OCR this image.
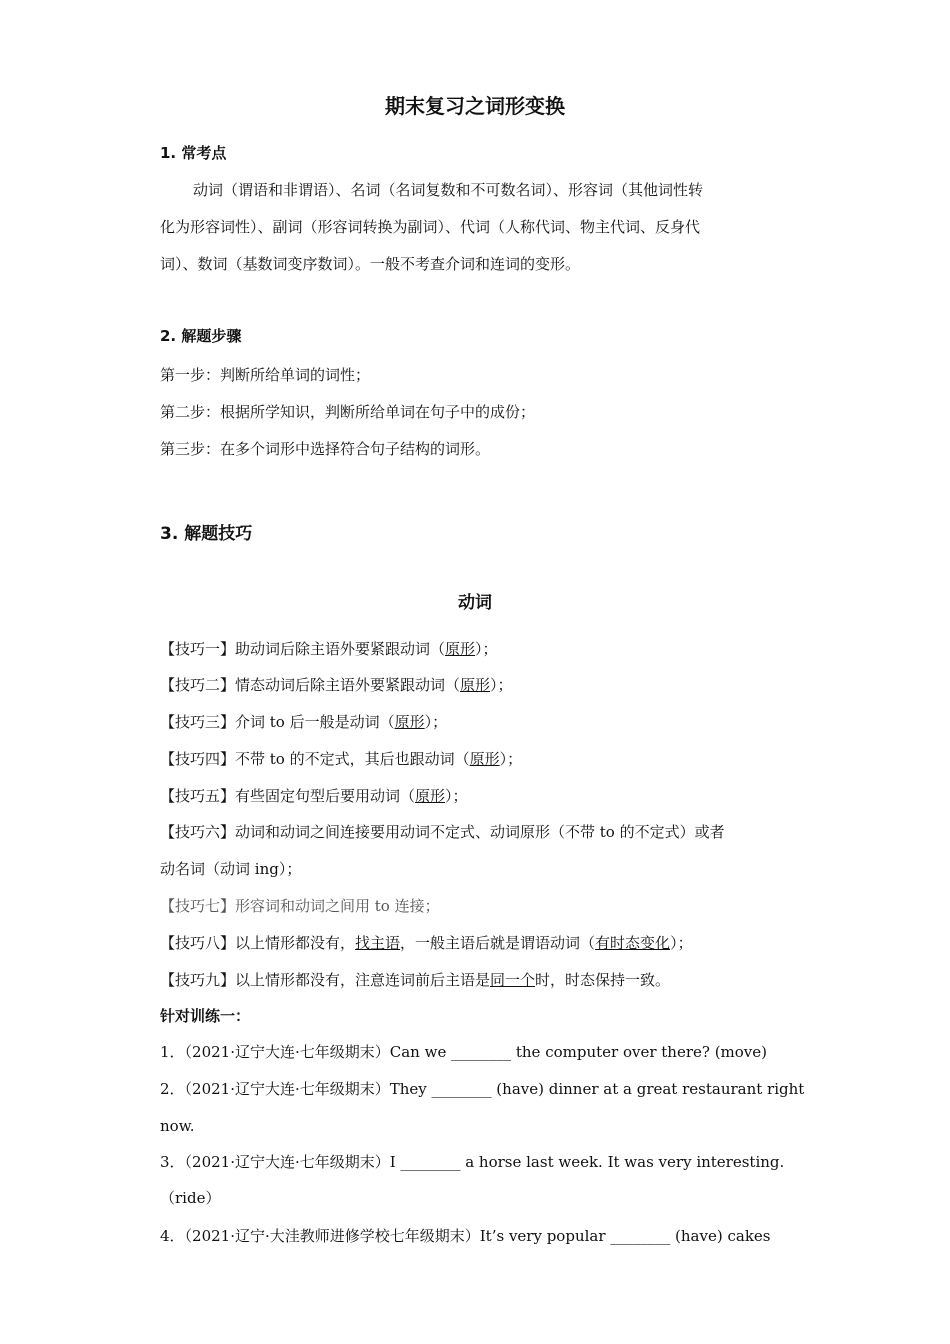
期末复习之词形变换
1. 常考点
动词（谓语和非谓语）、名词（名词复数和不可数名词）、形容词（其他词性转
化为形容词性）、副词（形容词转换为副词）、代词（人称代词、物主代词、反身代
词）、数词（基数词变序数词）。一般不考查介词和连词的变形。
2. 解题步骤
第一步：判断所给单词的词性；
第二步：根据所学知识，判断所给单词在句子中的成份；
第三步：在多个词形中选择符合句子结构的词形。
3. 解题技巧
动词
【技巧一】助动词后除主语外要紧跟动词（原形）；
【技巧二】情态动词后除主语外要紧跟动词（原形）；
【技巧三】介词 to 后一般是动词（原形）；
【技巧四】不带 to 的不定式，其后也跟动词（原形）；
【技巧五】有些固定句型后要用动词（原形）；
【技巧六】动词和动词之间连接要用动词不定式、动词原形（不带 to 的不定式）或者
动名词（动词 ing）；
【技巧七】形容词和动词之间用 to 连接；
【技巧八】以上情形都没有，找主语，一般主语后就是谓语动词（有时态变化）；
【技巧九】以上情形都没有，注意连词前后主语是同一个时，时态保持一致。
针对训练一：
1．（2021·辽宁大连·七年级期末）Can we ________ the computer over there? (move)
2．（2021·辽宁大连·七年级期末）They ________ (have) dinner at a great restaurant right
now.
3．（2021·辽宁大连·七年级期末）I ________ a horse last week. It was very interesting.
（ride）
4．（2021·辽宁·大洼教师进修学校七年级期末）It’s very popular ________ (have) cakes
